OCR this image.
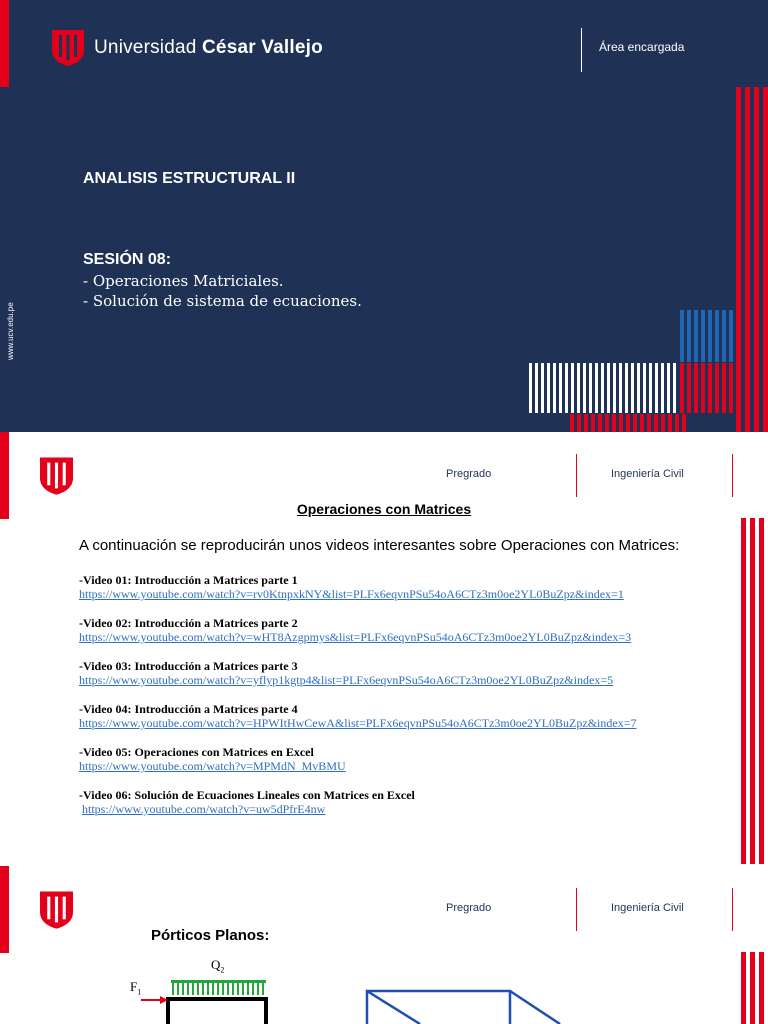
Universidad César Vallejo	Área encargada
ANALISIS ESTRUCTURAL II
SESIÓN 08:
- Operaciones Matriciales.
- Solución de sistema de ecuaciones.
www.ucv.edu.pe
Pregrado	Ingeniería Civil
Operaciones con Matrices
A continuación se reproducirán unos videos interesantes sobre Operaciones con Matrices:
-Video 01: Introducción a Matrices parte 1
https://www.youtube.com/watch?v=rv0KtnpxkNY&list=PLFx6eqvnPSu54oA6CTz3m0oe2YL0BuZpz&index=1
-Video 02: Introducción a Matrices parte 2
https://www.youtube.com/watch?v=wHT8Azgpmys&list=PLFx6eqvnPSu54oA6CTz3m0oe2YL0BuZpz&index=3
-Video 03: Introducción a Matrices parte 3
https://www.youtube.com/watch?v=yflyp1kgtp4&list=PLFx6eqvnPSu54oA6CTz3m0oe2YL0BuZpz&index=5
-Video 04: Introducción a Matrices parte 4
https://www.youtube.com/watch?v=HPWItHwCewA&list=PLFx6eqvnPSu54oA6CTz3m0oe2YL0BuZpz&index=7
-Video 05: Operaciones con Matrices en Excel
https://www.youtube.com/watch?v=MPMdN_MvBMU
-Video 06: Solución de Ecuaciones Lineales con Matrices en Excel
https://www.youtube.com/watch?v=uw5dPfrE4nw
Pregrado	Ingeniería Civil
Pórticos Planos:
$Q_2$
$F_1$
